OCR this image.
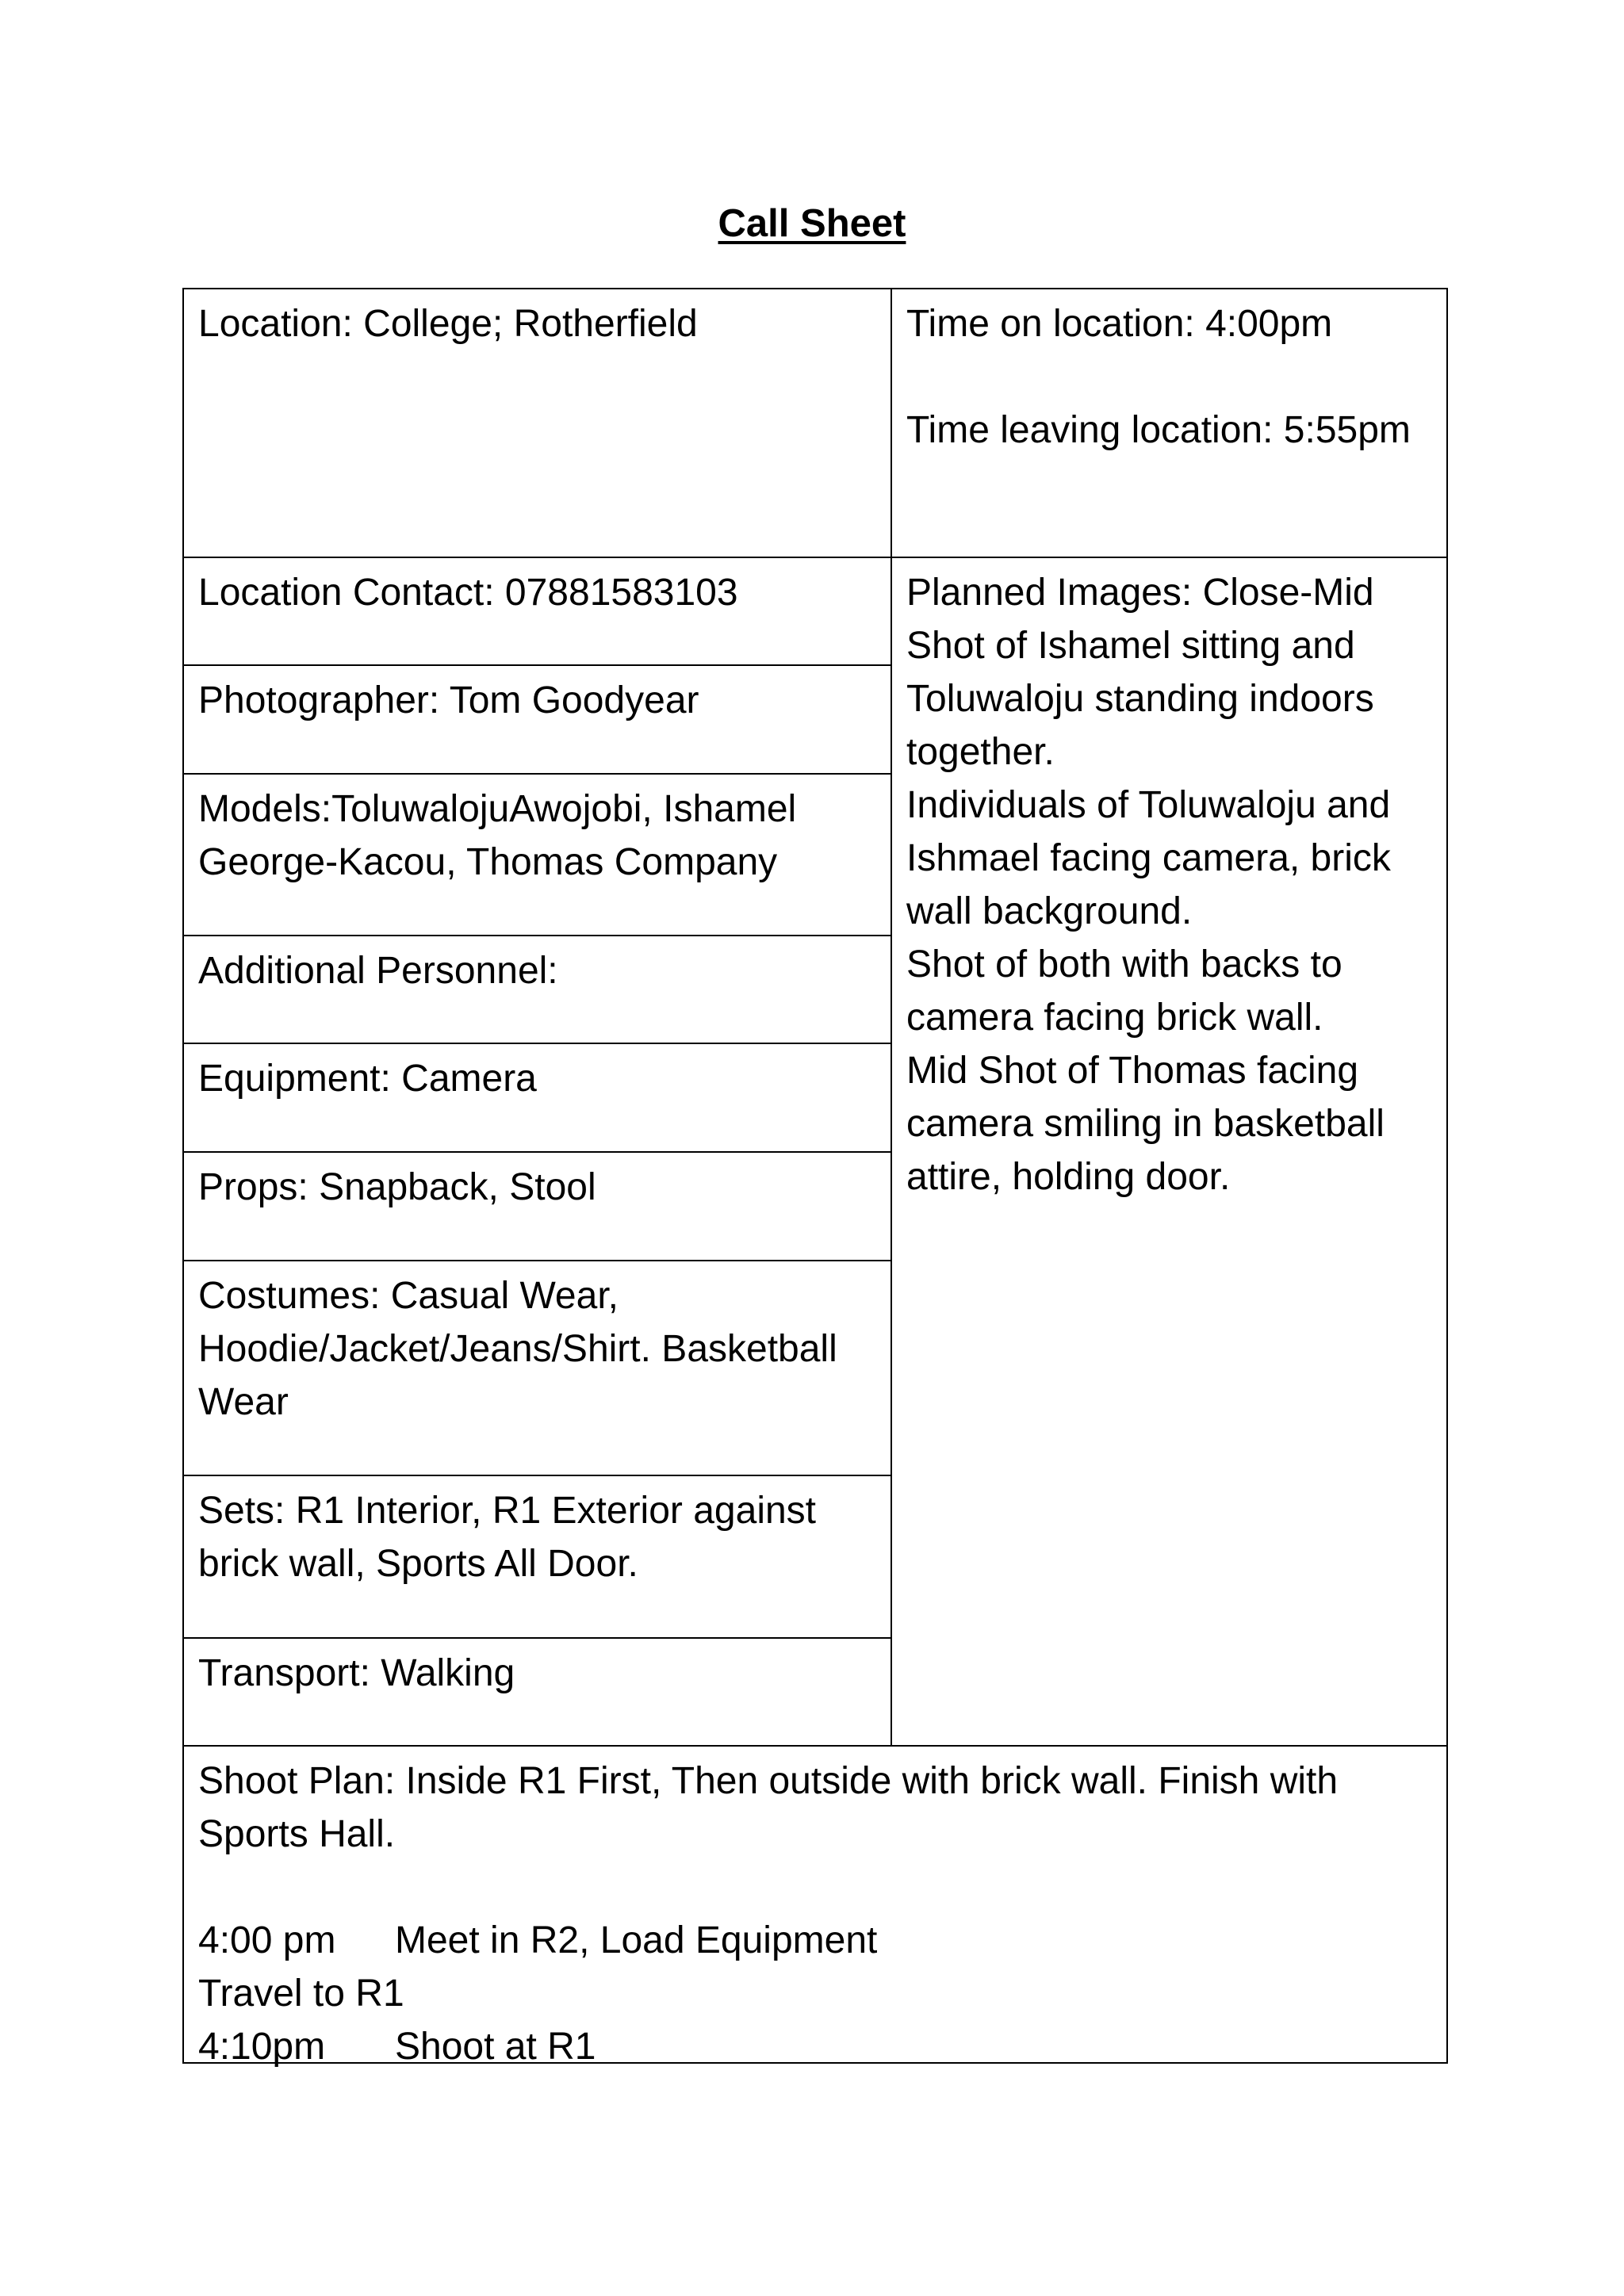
Call Sheet
Location: College; Rotherfield
Location Contact: 07881583103
Photographer: Tom Goodyear
Models:ToluwalojuAwojobi, Ishamel George-Kacou, Thomas Company
Additional Personnel:
Equipment: Camera
Props: Snapback, Stool
Costumes: Casual Wear, Hoodie/Jacket/Jeans/Shirt. Basketball Wear
Sets: R1 Interior, R1 Exterior against brick wall, Sports All Door.
Transport: Walking
Time on location: 4:00pm
Time leaving location: 5:55pm
Planned Images: Close-Mid Shot of Ishamel sitting and Toluwaloju standing indoors together.
Individuals of Toluwaloju and Ishmael facing camera, brick wall background.
Shot of both with backs to camera facing brick wall.
Mid Shot of Thomas facing camera smiling in basketball attire, holding door.
Shoot Plan: Inside R1 First, Then outside with brick wall. Finish with Sports Hall.
4:00 pm Meet in R2, Load Equipment
Travel to R1
4:10pm Shoot at R1
